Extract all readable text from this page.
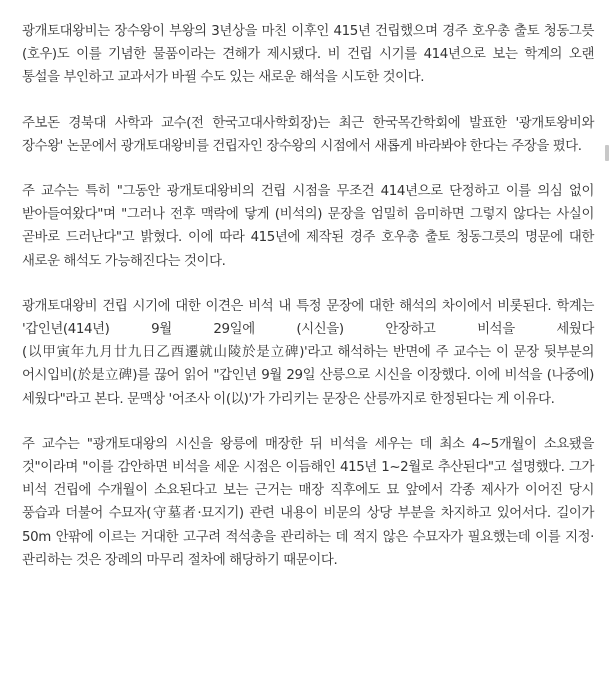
광개토대왕비는 장수왕이 부왕의 3년상을 마친 이후인 415년 건립했으며 경주 호우총 출토 청동그릇(호우)도 이를 기념한 물품이라는 견해가 제시됐다. 비 건립 시기를 414년으로 보는 학계의 오랜 통설을 부인하고 교과서가 바뀔 수도 있는 새로운 해석을 시도한 것이다.

주보돈 경북대 사학과 교수(전 한국고대사학회장)는 최근 한국목간학회에 발표한 '광개토왕비와 장수왕' 논문에서 광개토대왕비를 건립자인 장수왕의 시점에서 새롭게 바라봐야 한다는 주장을 폈다.

주 교수는 특히 "그동안 광개토대왕비의 건립 시점을 무조건 414년으로 단정하고 이를 의심 없이 받아들여왔다"며 "그러나 전후 맥락에 닿게 (비석의) 문장을 엄밀히 음미하면 그렇지 않다는 사실이 곧바로 드러난다"고 밝혔다. 이에 따라 415년에 제작된 경주 호우총 출토 청동그릇의 명문에 대한 새로운 해석도 가능해진다는 것이다.

광개토대왕비 건립 시기에 대한 이견은 비석 내 특정 문장에 대한 해석의 차이에서 비롯된다. 학계는 '갑인년(414년) 9월 29일에 (시신을) 안장하고 비석을 세웠다(以甲寅年九月廿九日乙酉遷就山陵於是立碑)'라고 해석하는 반면에 주 교수는 이 문장 뒷부분의 어시입비(於是立碑)를 끊어 읽어 "갑인년 9월 29일 산릉으로 시신을 이장했다. 이에 비석을 (나중에) 세웠다"라고 본다. 문맥상 '어조사 이(以)'가 가리키는 문장은 산릉까지로 한정된다는 게 이유다.

주 교수는 "광개토대왕의 시신을 왕릉에 매장한 뒤 비석을 세우는 데 최소 4~5개월이 소요됐을 것"이라며 "이를 감안하면 비석을 세운 시점은 이듬해인 415년 1~2월로 추산된다"고 설명했다. 그가 비석 건립에 수개월이 소요된다고 보는 근거는 매장 직후에도 묘 앞에서 각종 제사가 이어진 당시 풍습과 더불어 수묘자(守墓者·묘지기) 관련 내용이 비문의 상당 부분을 차지하고 있어서다. 길이가 50m 안팎에 이르는 거대한 고구려 적석총을 관리하는 데 적지 않은 수묘자가 필요했는데 이를 지정·관리하는 것은 장례의 마무리 절차에 해당하기 때문이다.
